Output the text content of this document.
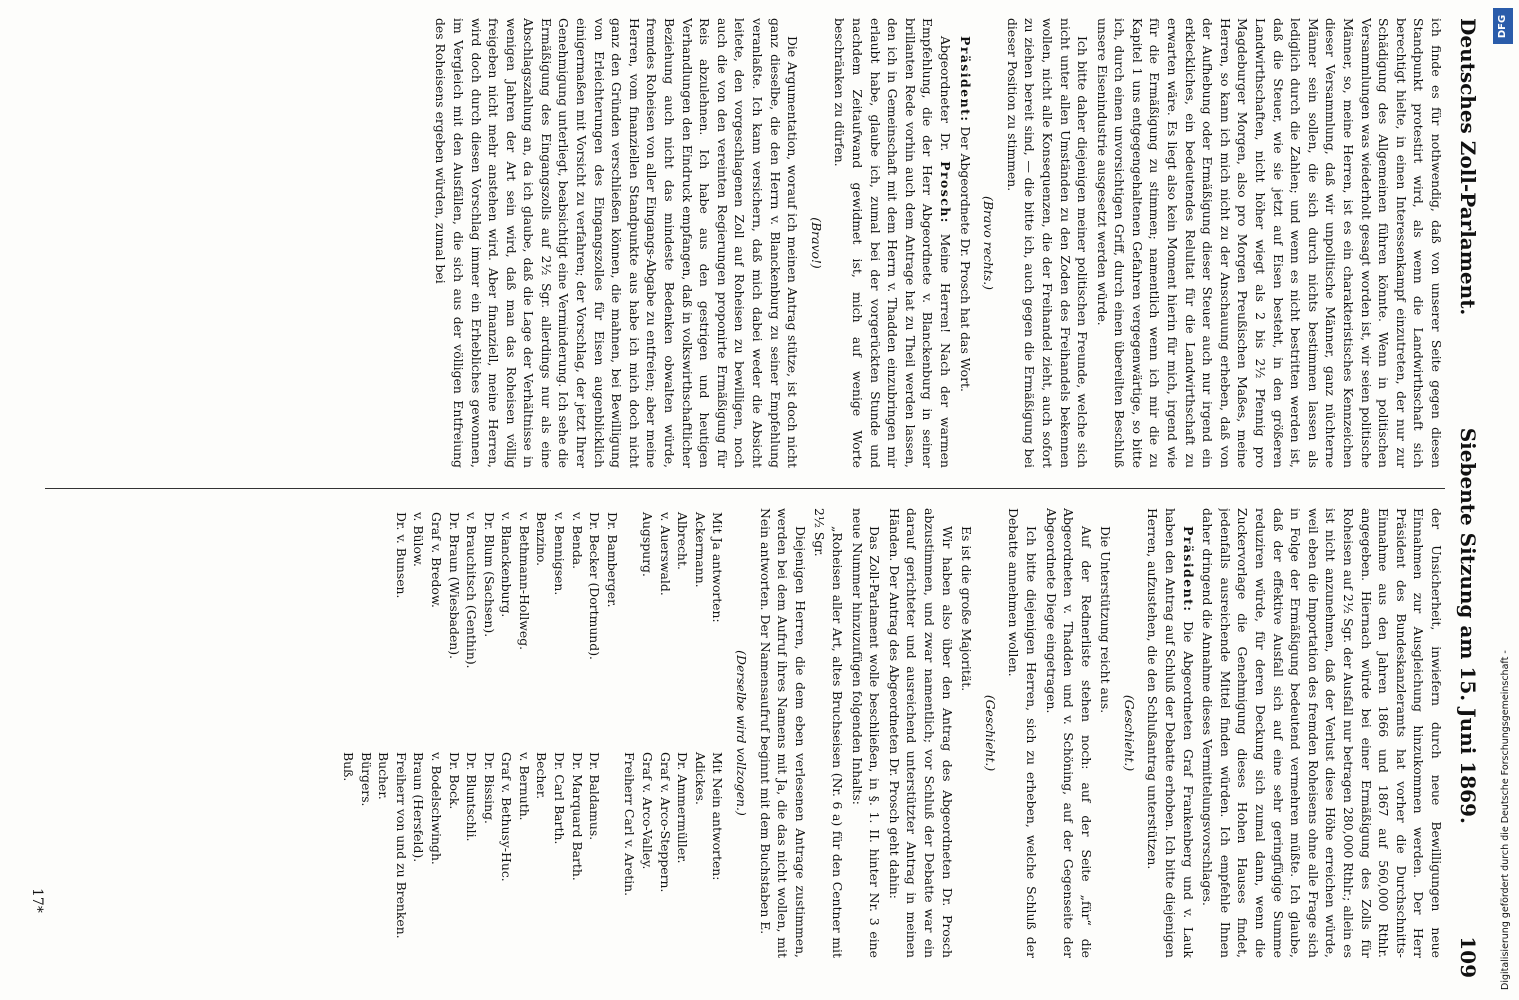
Deutsches Zoll-Parlament.
Siebente Sitzung am 15. Juni 1869.
109

ich finde es für nothwendig, daß von unserer Seite gegen diesen Standpunkt protestirt wird, als wenn die Landwirthschaft sich berechtigt hielte, in einen Interessenkampf einzutreten, der nur zur Schädigung des Allgemeinen führen könnte. Wenn in politischen Versammlungen was wiederholt gesagt worden ist, wir seien politische Männer, so, meine Herren, ist es ein charakteristisches Kennzeichen dieser Versammlung, daß wir unpolitische Männer, ganz nüchterne Männer sein sollen, die sich durch nichts bestimmen lassen als lediglich durch die Zahlen; und wenn es nicht bestritten werden ist, daß die Steuer, wie sie jetzt auf Eisen besteht, in den größeren Landwirthschaften, nicht höher wiegt als 2 bis 2½ Pfennig pro Magdeburger Morgen, also pro Morgen Preußischen Maßes, meine Herren, so kann ich mich nicht zu der Anschauung erheben, daß von der Aufhebung oder Ermäßigung dieser Steuer auch nur irgend ein erkleckliches, ein bedeutendes Relultat für die Landwirthschaft zu erwarten wäre. Es liegt also kein Moment hierin für mich, irgend wie für die Ermäßigung zu stimmen; namentlich wenn ich mir die zu Kapitel 1 uns entgegengehaltenen Gefahren vergegenwärtige, so bitte ich, durch einen unvorsichtigen Griff, durch einen übereilten Beschluß unsere Eisenindustrie ausgesetzt werden würde.

Ich bitte daher diejenigen meiner politischen Freunde, welche sich nicht unter allen Umständen zu den Zoden des Freihandels bekennen wollen, nicht alle Konsequenzen, die der Freihandel zieht, auch sofort zu ziehen bereit sind, — die bitte ich, auch gegen die Ermäßigung bei dieser Position zu stimmen.

(Bravo rechts.)

Präsident: Der Abgeordnete Dr. Prosch hat das Wort.

Abgeordneter Dr. Prosch: Meine Herren! Nach der warmen Empfehlung, die der Herr Abgeordnete v. Blanckenburg in seiner brillanten Rede vorhin auch dem Antrage hat zu Theil werden lassen, den ich in Gemeinschaft mit dem Herrn v. Thadden einzubringen mir erlaubt habe, glaube ich, zumal bei der vorgerückten Stunde und nachdem Zeitaufwand gewidmet ist, mich auf wenige Worte beschränken zu dürfen.

(Bravo!)

Die Argumentation, worauf ich meinen Antrag stütze, ist doch nicht ganz dieselbe, die den Herrn v. Blanckenburg zu seiner Empfehlung veranlaßte. Ich kann versichern, daß mich dabei weder die Absicht leitete, den vorgeschlagenen Zoll auf Roheisen zu bewilligen, noch auch die von den vereinten Regierungen proponirte Ermäßigung für Reis abzulehnen. Ich habe aus den gestrigen und heutigen Verhandlungen den Eindruck empfangen, daß in volkswirthschaftlicher Beziehung auch nicht das mindeste Bedenken obwalten würde, fremdes Roheisen von aller Eingangs-Abgabe zu entfreien; aber meine Herren, vom finanziellen Standpunkte aus habe ich mich doch nicht ganz den Gründen verschließen können, die mahnen, bei Bewilligung von Erleichterungen des Eingangszolles für Eisen augenblicklich einigermaßen mit Vorsicht zu verfahren; der Vorschlag, der jetzt Ihrer Genehmigung unterliegt, beabsichtigt eine Verminderung. Ich sehe die Ermäßigung des Eingangszolls auf 2½ Sgr. allerdings nur als eine Abschlagszahlung an, da ich glaube, daß die Lage der Verhältnisse in wenigen Jahren der Art sein wird, daß man das Roheisen völlig freigeben nicht mehr anstehen wird. Aber finanziell, meine Herren, wird doch durch diesen Vorschlag immer ein Erhebliches gewonnen, im Vergleich mit den Ausfällen, die sich aus der völligen Entfreiung des Roheisens ergeben würden, zumal bei

der Unsicherheit, inwiefern durch neue Bewilligungen neue Einnahmen zur Ausgleichung hinzukommen werden. Der Herr Präsident des Bundeskanzleramts hat vorher die Durchschnitts-Einnahme aus den Jahren 1866 und 1867 auf 560,000 Rthlr. angegeben. Hiernach würde bei einer Ermäßigung des Zolls für Roheisen auf 2½ Sgr. der Ausfall nur betragen 280,000 Rthlr.; allein es ist nicht anzunehmen, daß der Verlust diese Höhe erreichen würde, weil eben die Importation des fremden Roheisens ohne alle Frage sich in Folge der Ermäßigung bedeutend vermehren müßte. Ich glaube, daß der effektive Ausfall sich auf eine sehr geringfügige Summe reduziren würde, für deren Deckung sich zumal dann, wenn die Zuckervorlage die Genehmigung dieses Hohen Hauses findet, jedenfalls ausreichende Mittel finden würden. Ich empfehle Ihnen daher dringend die Annahme dieses Vermittelungsvorschlages.

Präsident: Die Abgeordneten Graf Frankenberg und v. Lauk haben den Antrag auf Schluß der Debatte erhoben. Ich bitte diejenigen Herren, aufzustehen, die den Schlußantrag unterstützen.

(Geschieht.)

Die Unterstützung reicht aus.

Auf der Rednerliste stehen noch: auf der Seite „für“ die Abgeordneten v. Thadden und v. Schöning, auf der Gegenseite der Abgeordnete Diege eingetragen.

Ich bitte diejenigen Herren, sich zu erheben, welche Schluß der Debatte annehmen wollen.

(Geschieht.)

Es ist die große Majorität.

Wir haben also über den Antrag des Abgeordneten Dr. Prosch abzustimmen, und zwar namentlich; vor Schluß der Debatte war ein darauf gerichteter und ausreichend unterstützter Antrag in meinen Händen. Der Antrag des Abgeordneten Dr. Prosch geht dahin:

Das Zoll-Parlament wolle beschließen, in §. 1. II. hinter Nr. 3 eine neue Nummer hinzuzufügen folgenden Inhalts:

„Roheisen aller Art, altes Bruchseisen (Nr. 6 a) für den Centner mit 2½ Sgr.

Diejenigen Herren, die dem eben verlesenen Antrage zustimmen, werden bei dem Aufruf ihres Namens mit Ja, die das nicht wollen, mit Nein antworten. Der Namensaufruf beginnt mit dem Buchstaben E.

(Derselbe wird vollzogen.)

Mit Ja antworten:
Ackermann.
Albrecht.
v. Auerswald.
Augspurg.

Dr. Bamberger.
Dr. Becker (Dortmund).
v. Benda.
v. Bennigsen.
Benzino.
v. Bethmann-Hollweg.
v. Blanckenburg.
Dr. Blum (Sachsen).
v. Brauchitsch (Genthin).
Dr. Braun (Wiesbaden).
Graf v. Bredow.
v. Bülow.
Dr. v. Bunsen.
Mit Nein antworten:
Adickes.
Dr. Ammermüller.
Graf v. Arco-Steppern.
Graf v. Arco-Valley.
Freiherr Carl v. Aretin.

Dr. Baldamus.
Dr. Marquard Barth.
Dr. Carl Barth.
Becher.
v. Bernuth.
Graf v. Bethusy-Huc.
Dr. Bissing.
Dr. Bluntschli.
Dr. Bock.
v. Bodelschwingh.
Braun (Hersfeld).
Freiherr von und zu Brenken.
Bucher.
Bürgers.
Buß.
17*
DFG
Digitalisierung gefördert durch die Deutsche Forschungsgemeinschaft -
